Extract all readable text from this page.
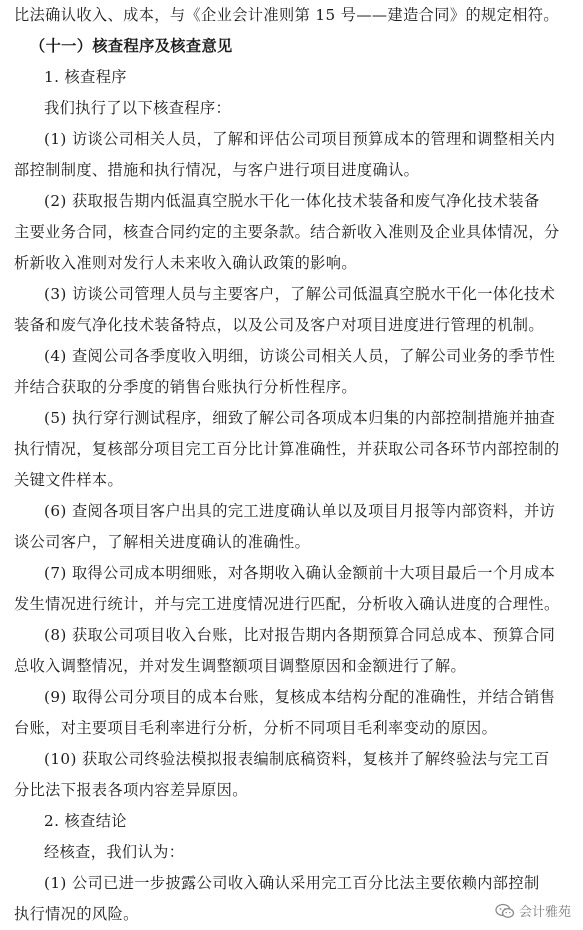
比法确认收入、成本，与《企业会计准则第 15 号——建造合同》的规定相符。
（十一）核查程序及核查意见
1. 核查程序
我们执行了以下核查程序：
(1) 访谈公司相关人员，了解和评估公司项目预算成本的管理和调整相关内
部控制制度、措施和执行情况，与客户进行项目进度确认。
(2) 获取报告期内低温真空脱水干化一体化技术装备和废气净化技术装备
主要业务合同，核查合同约定的主要条款。结合新收入准则及企业具体情况，分
析新收入准则对发行人未来收入确认政策的影响。
(3) 访谈公司管理人员与主要客户，了解公司低温真空脱水干化一体化技术
装备和废气净化技术装备特点，以及公司及客户对项目进度进行管理的机制。
(4) 查阅公司各季度收入明细，访谈公司相关人员，了解公司业务的季节性
并结合获取的分季度的销售台账执行分析性程序。
(5) 执行穿行测试程序，细致了解公司各项成本归集的内部控制措施并抽查
执行情况，复核部分项目完工百分比计算准确性，并获取公司各环节内部控制的
关键文件样本。
(6) 查阅各项目客户出具的完工进度确认单以及项目月报等内部资料，并访
谈公司客户，了解相关进度确认的准确性。
(7) 取得公司成本明细账，对各期收入确认金额前十大项目最后一个月成本
发生情况进行统计，并与完工进度情况进行匹配，分析收入确认进度的合理性。
(8) 获取公司项目收入台账，比对报告期内各期预算合同总成本、预算合同
总收入调整情况，并对发生调整额项目调整原因和金额进行了解。
(9) 取得公司分项目的成本台账，复核成本结构分配的准确性，并结合销售
台账，对主要项目毛利率进行分析，分析不同项目毛利率变动的原因。
(10) 获取公司终验法模拟报表编制底稿资料，复核并了解终验法与完工百
分比法下报表各项内容差异原因。
2. 核查结论
经核查，我们认为：
(1) 公司已进一步披露公司收入确认采用完工百分比法主要依赖内部控制
执行情况的风险。	会计雅苑
